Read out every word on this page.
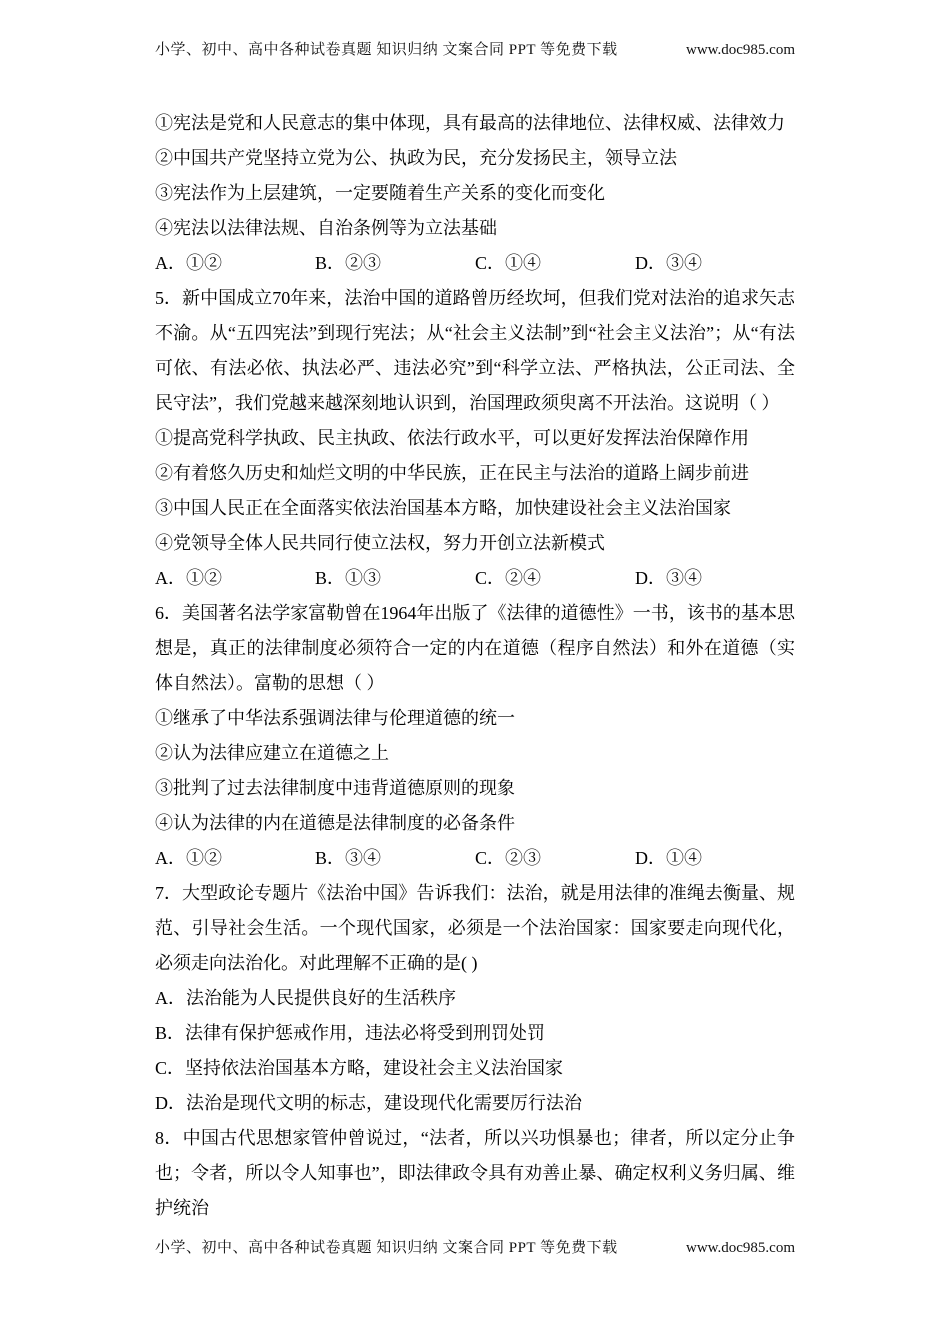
小学、初中、高中各种试卷真题 知识归纳 文案合同 PPT 等免费下载	www.doc985.com
①宪法是党和人民意志的集中体现，具有最高的法律地位、法律权威、法律效力
②中国共产党坚持立党为公、执政为民，充分发扬民主，领导立法
③宪法作为上层建筑，一定要随着生产关系的变化而变化
④宪法以法律法规、自治条例等为立法基础
A．①②	B．②③	C．①④	D．③④
5．新中国成立70年来，法治中国的道路曾历经坎坷，但我们党对法治的追求矢志不渝。从“五四宪法”到现行宪法；从“社会主义法制”到“社会主义法治”；从“有法可依、有法必依、执法必严、违法必究”到“科学立法、严格执法，公正司法、全民守法”，我们党越来越深刻地认识到，治国理政须臾离不开法治。这说明（ ）
①提高党科学执政、民主执政、依法行政水平，可以更好发挥法治保障作用
②有着悠久历史和灿烂文明的中华民族，正在民主与法治的道路上阔步前进
③中国人民正在全面落实依法治国基本方略，加快建设社会主义法治国家
④党领导全体人民共同行使立法权，努力开创立法新模式
A．①②	B．①③	C．②④	D．③④
6．美国著名法学家富勒曾在1964年出版了《法律的道德性》一书，该书的基本思想是，真正的法律制度必须符合一定的内在道德（程序自然法）和外在道德（实体自然法）。富勒的思想（ ）
①继承了中华法系强调法律与伦理道德的统一
②认为法律应建立在道德之上
③批判了过去法律制度中违背道德原则的现象
④认为法律的内在道德是法律制度的必备条件
A．①②	B．③④	C．②③	D．①④
7．大型政论专题片《法治中国》告诉我们：法治，就是用法律的准绳去衡量、规范、引导社会生活。一个现代国家，必须是一个法治国家：国家要走向现代化，必须走向法治化。对此理解不正确的是( )
A．法治能为人民提供良好的生活秩序
B．法律有保护惩戒作用，违法必将受到刑罚处罚
C．坚持依法治国基本方略，建设社会主义法治国家
D．法治是现代文明的标志，建设现代化需要厉行法治
8．中国古代思想家管仲曾说过，“法者，所以兴功惧暴也；律者，所以定分止争也；令者，所以令人知事也”，即法律政令具有劝善止暴、确定权利义务归属、维护统治
小学、初中、高中各种试卷真题 知识归纳 文案合同 PPT 等免费下载	www.doc985.com
